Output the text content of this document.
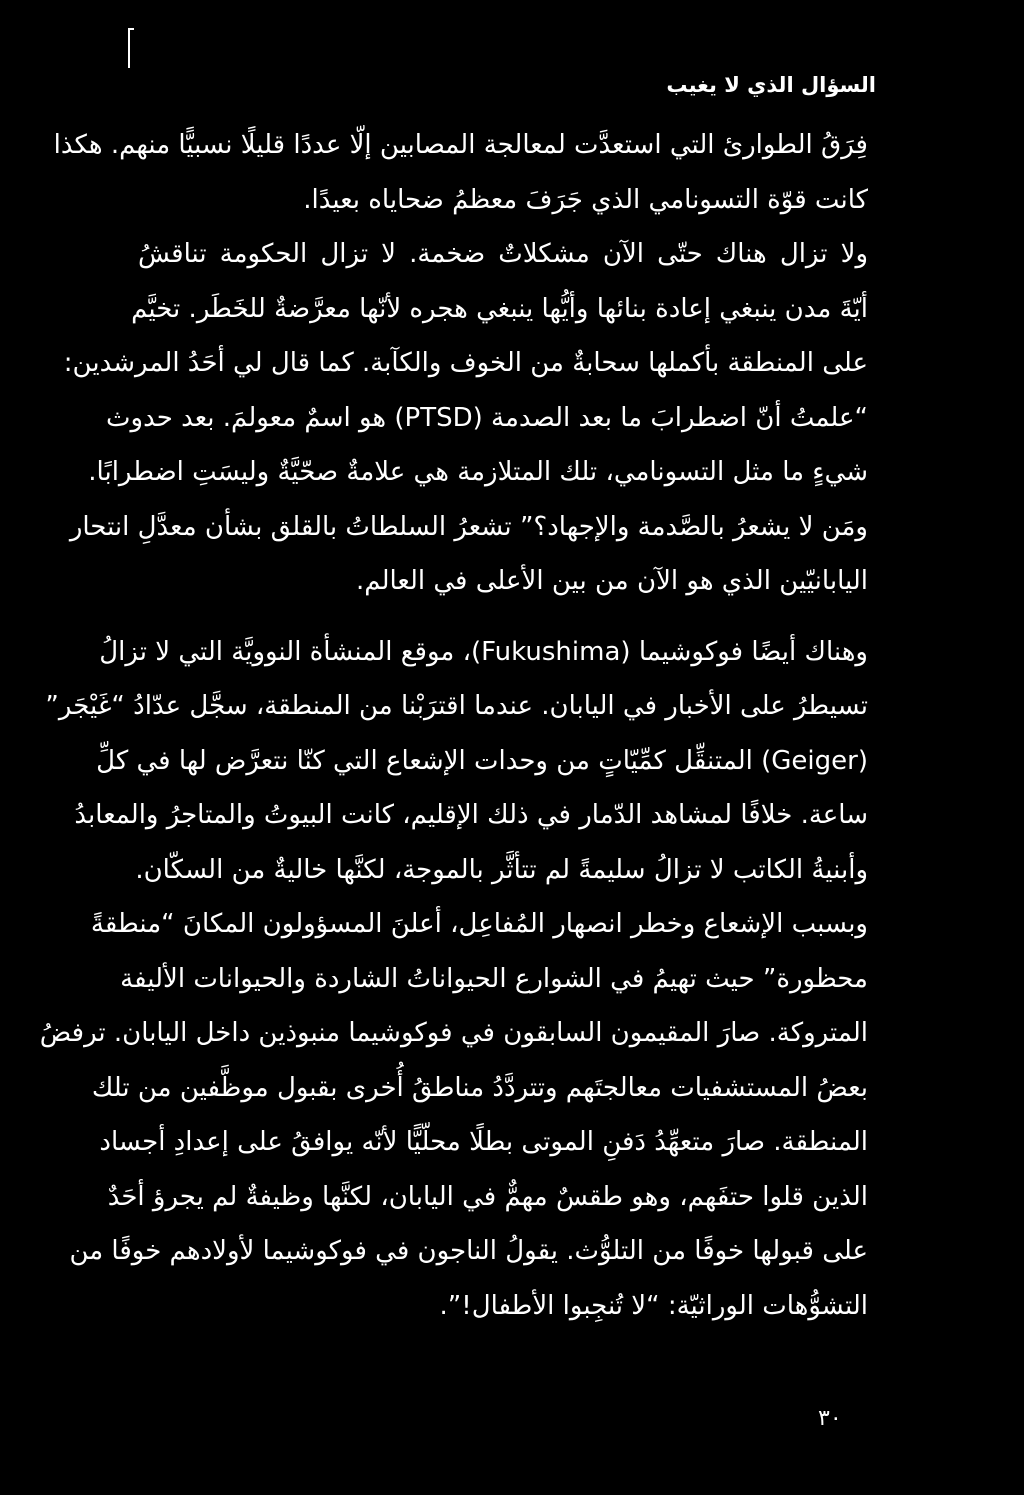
السؤال الذي لا يغيب
فِرَقُ الطوارئ التي استعدَّت لمعالجة المصابين إلّا عددًا قليلًا نسبيًّا منهم. هكذا
كانت قوّة التسونامي الذي جَرَفَ معظمُ ضحاياه بعيدًا.
ولا تزال هناك حتّى الآن مشكلاتٌ ضخمة. لا تزال الحكومة تناقشُ
أيّةَ مدن ينبغي إعادة بنائها وأيُّها ينبغي هجره لأنّها معرَّضةٌ للخَطَر. تخيَّم
على المنطقة بأكملها سحابةٌ من الخوف والكآبة. كما قال لي أحَدُ المرشدين:
“علمتُ أنّ اضطرابَ ما بعد الصدمة (PTSD) هو اسمٌ معولمَ. بعد حدوث
شيءٍ ما مثل التسونامي، تلك المتلازمة هي علامةٌ صحّيَّةٌ وليسَتِ اضطرابًا.
ومَن لا يشعرُ بالصَّدمة والإجهاد؟” تشعرُ السلطاتُ بالقلق بشأن معدَّلِ انتحار
اليابانيّين الذي هو الآن من بين الأعلى في العالم.
وهناك أيضًا فوكوشيما (Fukushima)، موقع المنشأة النوويَّة التي لا تزالُ
تسيطرُ على الأخبار في اليابان. عندما اقترَبْنا من المنطقة، سجَّل عدّادُ “غَيْجَر”
(Geiger) المتنقِّل كمِّيّاتٍ من وحدات الإشعاع التي كنّا نتعرَّض لها في كلِّ
ساعة. خلافًا لمشاهد الدّمار في ذلك الإقليم، كانت البيوتُ والمتاجرُ والمعابدُ
وأبنيةُ الكاتب لا تزالُ سليمةً لم تتأثَّر بالموجة، لكنَّها خاليةٌ من السكّان.
وبسبب الإشعاع وخطر انصهار المُفاعِل، أعلنَ المسؤولون المكانَ “منطقةً
محظورة” حيث تهيمُ في الشوارع الحيواناتُ الشاردة والحيوانات الأليفة
المتروكة. صارَ المقيمون السابقون في فوكوشيما منبوذين داخل اليابان. ترفضُ
بعضُ المستشفيات معالجتَهم وتتردَّدُ مناطقُ أُخرى بقبول موظَّفين من تلك
المنطقة. صارَ متعهِّدُ دَفنِ الموتى بطلًا محلّيًّا لأنّه يوافقُ على إعدادِ أجساد
الذين قلوا حتفَهم، وهو طقسٌ مهمٌّ في اليابان، لكنَّها وظيفةٌ لم يجرؤ أحَدٌ
على قبولها خوفًا من التلوُّث. يقولُ الناجون في فوكوشيما لأولادهم خوفًا من
التشوُّهات الوراثيّة: “لا تُنجِبوا الأطفال!”.
٣٠
